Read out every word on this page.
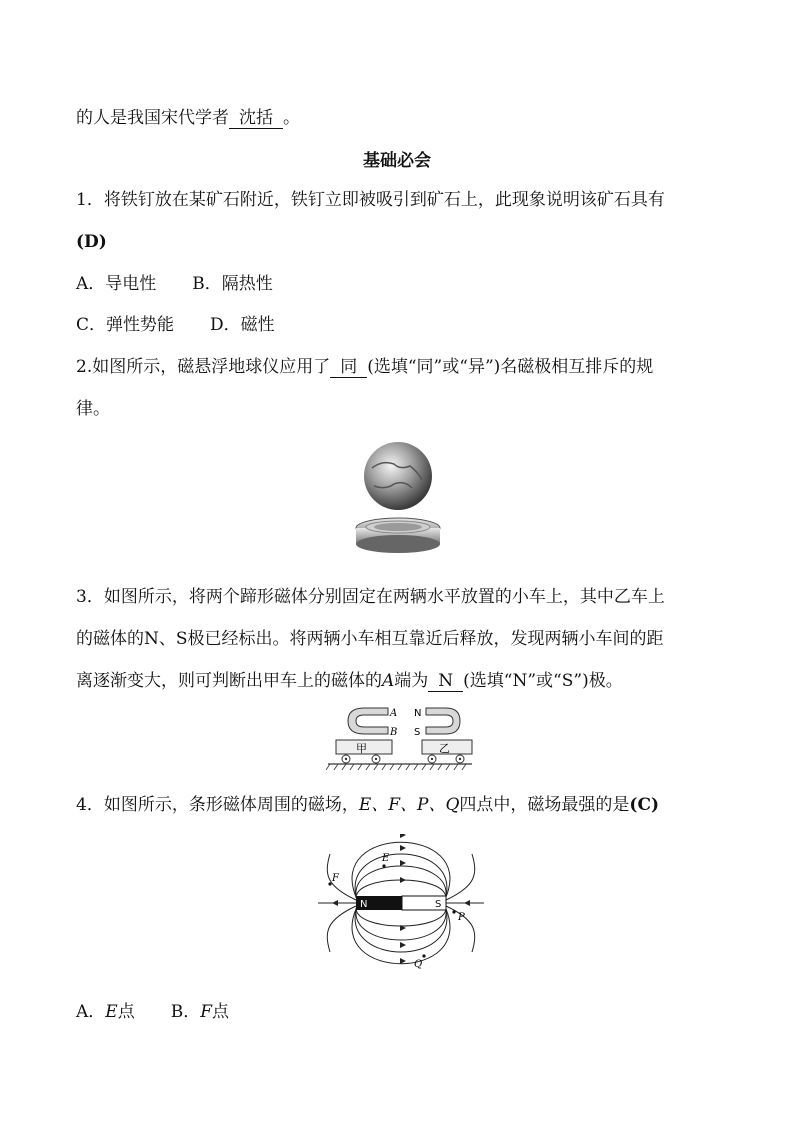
的人是我国宋代学者 沈括 。
基础必会
1．将铁钉放在某矿石附近，铁钉立即被吸引到矿石上，此现象说明该矿石具有
(D)
A．导电性 B．隔热性
C．弹性势能 D．磁性
2.如图所示，磁悬浮地球仪应用了 同 (选填“同”或“异”)名磁极相互排斥的规
律。
3．如图所示，将两个蹄形磁体分别固定在两辆水平放置的小车上，其中乙车上
的磁体的N、S极已经标出。将两辆小车相互靠近后释放，发现两辆小车间的距
离逐渐变大，则可判断出甲车上的磁体的A端为 N (选填“N”或“S”)极。
A
B
N
S
甲	乙
4．如图所示，条形磁体周围的磁场，E、F、P、Q四点中，磁场最强的是(C)
N	S
E
F
P
Q
A．E点 B．F点
